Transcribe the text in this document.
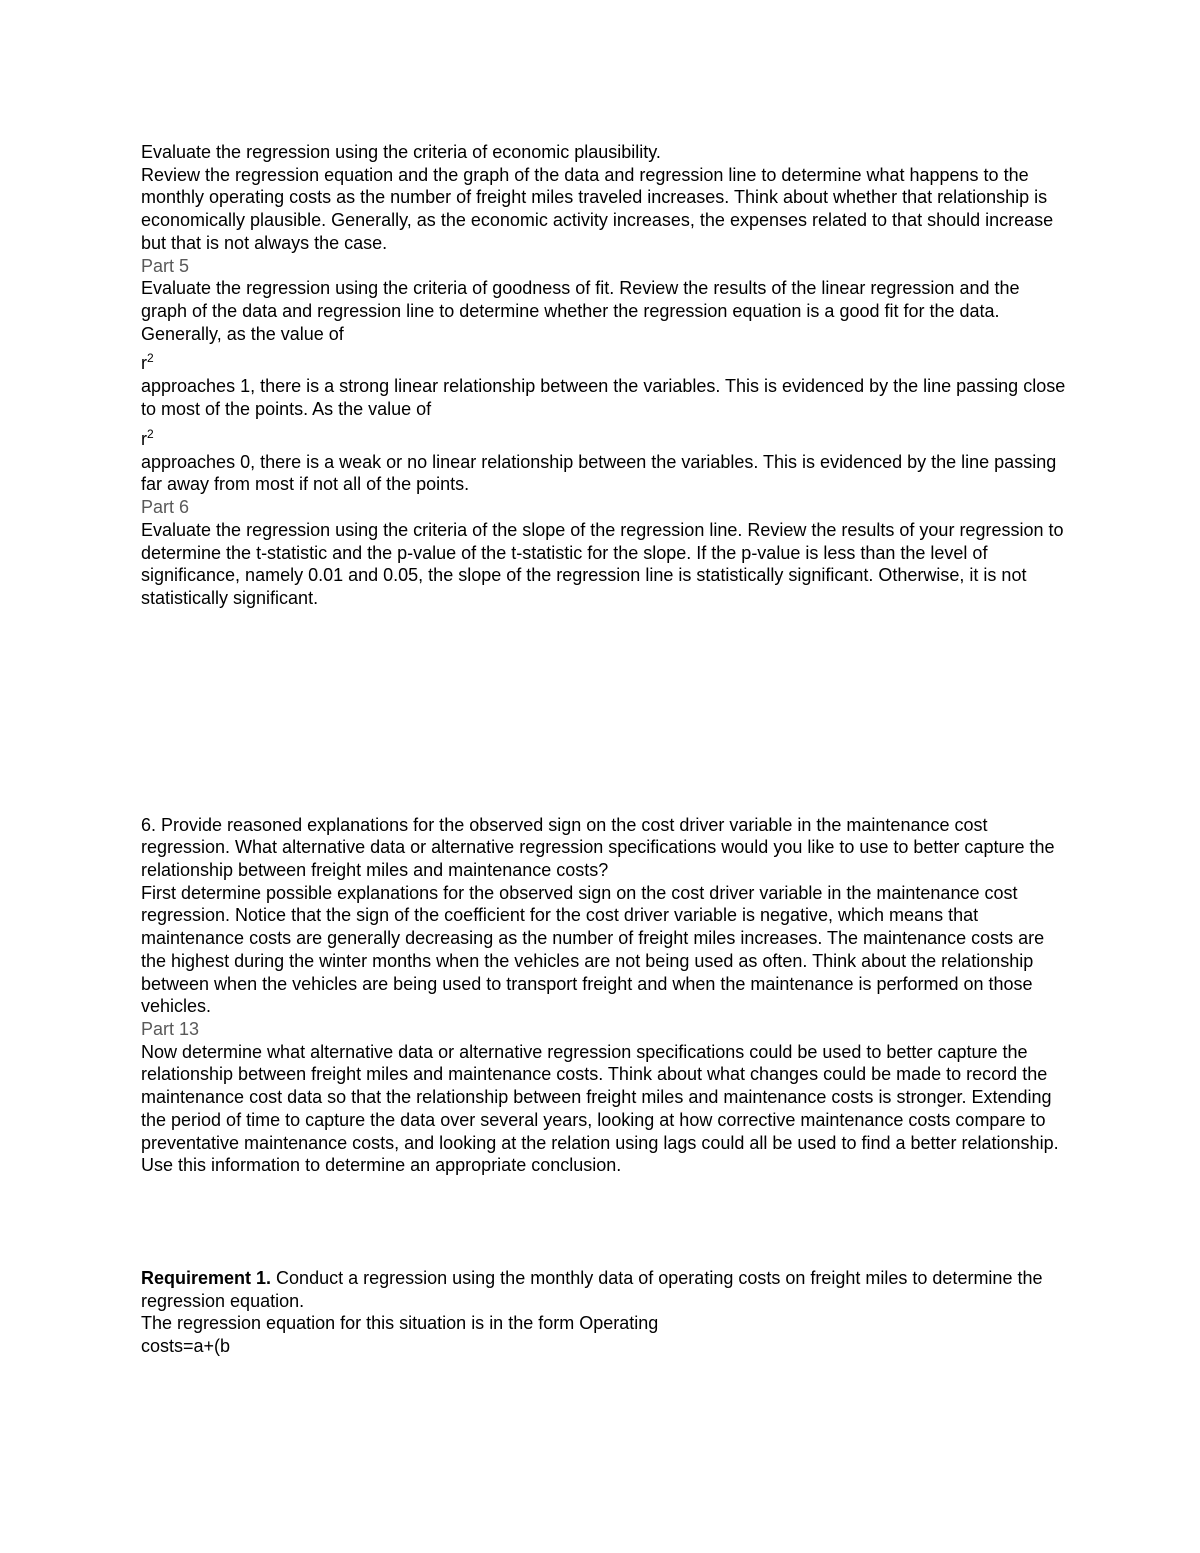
Evaluate the regression using the criteria of economic plausibility.
Review the regression equation and the graph of the data and regression line to determine what happens to the monthly operating costs as the number of freight miles traveled increases. Think about whether that relationship is economically plausible. Generally, as the economic activity increases, the expenses related to that should increase but that is not always the case.
Part 5
Evaluate the regression using the criteria of goodness of fit. Review the results of the linear regression and the graph of the data and regression line to determine whether the regression equation is a good fit for the data. Generally, as the value of
$r^2$
approaches 1, there is a strong linear relationship between the variables. This is evidenced by the line passing close to most of the points. As the value of
$r^2$
approaches 0, there is a weak or no linear relationship between the variables. This is evidenced by the line passing far away from most if not all of the points.
Part 6
Evaluate the regression using the criteria of the slope of the regression line. Review the results of your regression to determine the t-statistic and the p-value of the t-statistic for the slope. If the p-value is less than the level of significance, namely 0.01 and 0.05, the slope of the regression line is statistically significant. Otherwise, it is not statistically significant.
6. Provide reasoned explanations for the observed sign on the cost driver variable in the maintenance cost regression. What alternative data or alternative regression specifications would you like to use to better capture the relationship between freight miles and maintenance costs?
First determine possible explanations for the observed sign on the cost driver variable in the maintenance cost regression. Notice that the sign of the coefficient for the cost driver variable is negative, which means that maintenance costs are generally decreasing as the number of freight miles increases. The maintenance costs are the highest during the winter months when the vehicles are not being used as often. Think about the relationship between when the vehicles are being used to transport freight and when the maintenance is performed on those vehicles.
Part 13
Now determine what alternative data or alternative regression specifications could be used to better capture the relationship between freight miles and maintenance costs. Think about what changes could be made to record the maintenance cost data so that the relationship between freight miles and maintenance costs is stronger. Extending the period of time to capture the data over several years, looking at how corrective maintenance costs compare to preventative maintenance costs, and looking at the relation using lags could all be used to find a better relationship. Use this information to determine an appropriate conclusion.
Requirement 1. Conduct a regression using the monthly data of operating costs on freight miles to determine the regression equation.
The regression equation for this situation is in the form Operating
costs=a+(b
